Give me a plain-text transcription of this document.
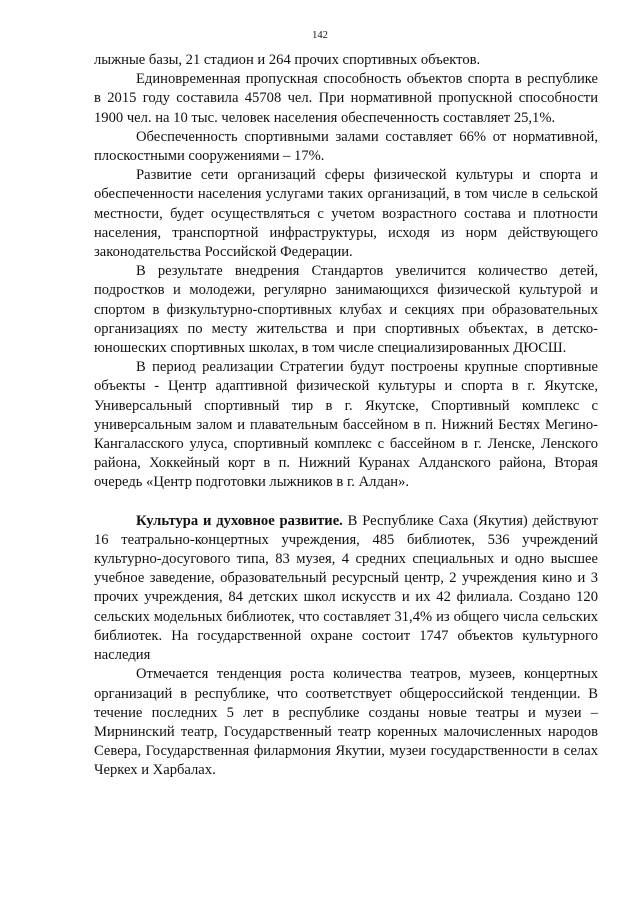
142

лыжные базы, 21 стадион и 264 прочих спортивных объектов.

Единовременная пропускная способность объектов спорта в республике в 2015 году составила 45708 чел. При нормативной пропускной способности 1900 чел. на 10 тыс. человек населения обеспеченность составляет 25,1%.

Обеспеченность спортивными залами составляет 66% от нормативной, плоскостными сооружениями – 17%.

Развитие сети организаций сферы физической культуры и спорта и обеспеченности населения услугами таких организаций, в том числе в сельской местности, будет осуществляться с учетом возрастного состава и плотности населения, транспортной инфраструктуры, исходя из норм действующего законодательства Российской Федерации.

В результате внедрения Стандартов увеличится количество детей, подростков и молодежи, регулярно занимающихся физической культурой и спортом в физкультурно-спортивных клубах и секциях при образовательных организациях по месту жительства и при спортивных объектах, в детско-юношеских спортивных школах, в том числе специализированных ДЮСШ.

В период реализации Стратегии будут построены крупные спортивные объекты - Центр адаптивной физической культуры и спорта в г. Якутске, Универсальный спортивный тир в г. Якутске, Спортивный комплекс с универсальным залом и плавательным бассейном в п. Нижний Бестях Мегино-Кангаласского улуса, спортивный комплекс с бассейном в г. Ленске, Ленского района, Хоккейный корт в п. Нижний Куранах Алданского района, Вторая очередь «Центр подготовки лыжников в г. Алдан».

Культура и духовное развитие. В Республике Саха (Якутия) действуют 16 театрально-концертных учреждения, 485 библиотек, 536 учреждений культурно-досугового типа, 83 музея, 4 средних специальных и одно высшее учебное заведение, образовательный ресурсный центр, 2 учреждения кино и 3 прочих учреждения, 84 детских школ искусств и их 42 филиала. Создано 120 сельских модельных библиотек, что составляет 31,4% из общего числа сельских библиотек. На государственной охране состоит 1747 объектов культурного наследия

Отмечается тенденция роста количества театров, музеев, концертных организаций в республике, что соответствует общероссийской тенденции. В течение последних 5 лет в республике созданы новые театры и музеи – Мирнинский театр, Государственный театр коренных малочисленных народов Севера, Государственная филармония Якутии, музеи государственности в селах Черкех и Харбалах.
